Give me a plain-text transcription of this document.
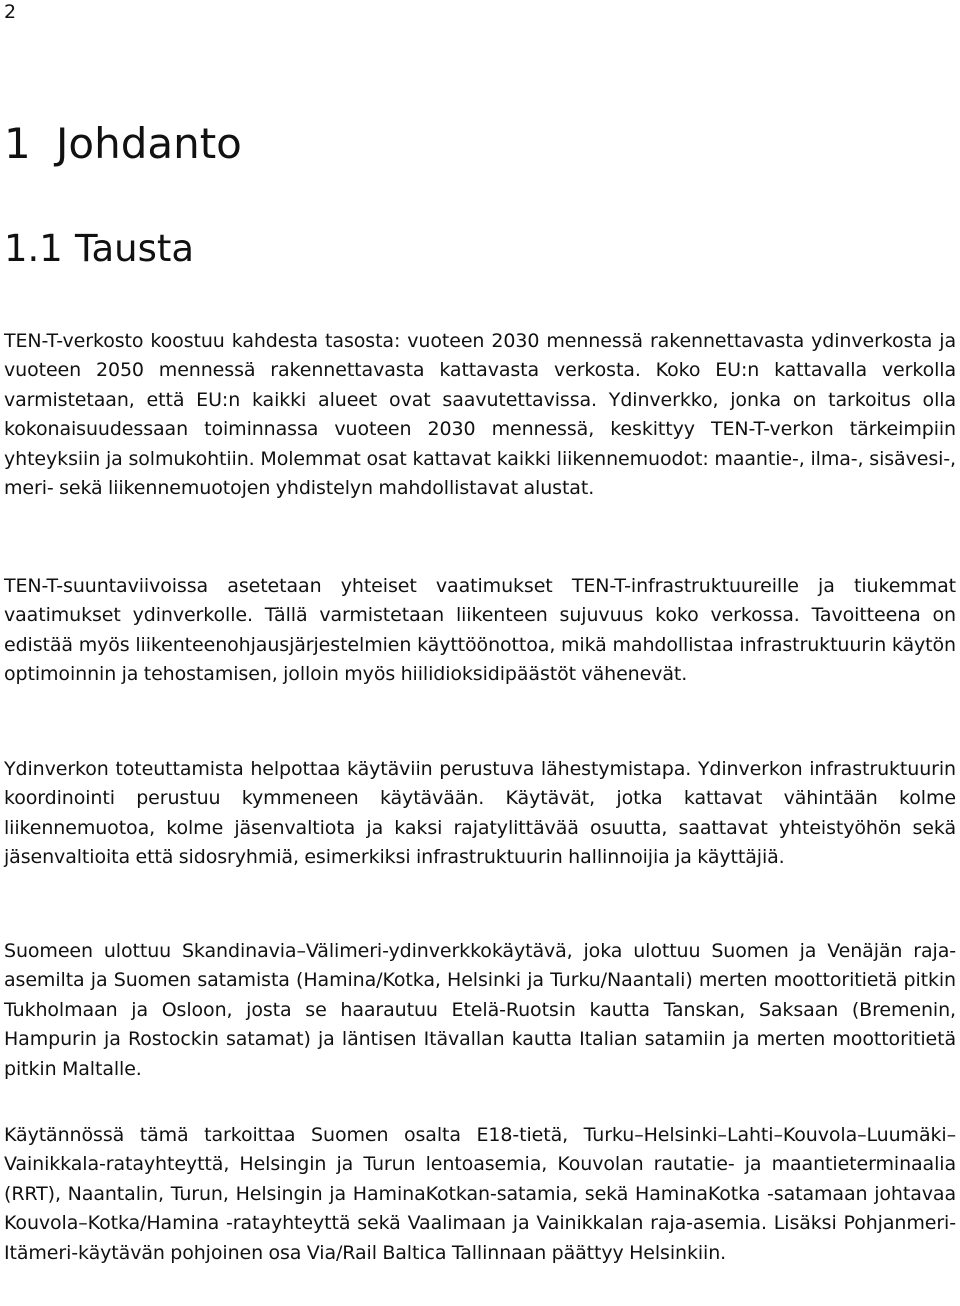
2
1 Johdanto
1.1 Tausta

TEN-T-verkosto koostuu kahdesta tasosta: vuoteen 2030 mennessä rakennettavasta ydinverkosta ja vuoteen 2050 mennessä rakennettavasta kattavasta verkosta. Koko EU:n kattavalla verkolla varmistetaan, että EU:n kaikki alueet ovat saavutettavissa. Ydinverkko, jonka on tarkoitus olla kokonaisuudessaan toiminnassa vuoteen 2030 mennessä, keskittyy TEN-T-verkon tärkeimpiin yhteyksiin ja solmukohtiin. Molemmat osat kattavat kaikki liikennemuodot: maantie-, ilma-, sisävesi-, meri- sekä liikennemuotojen yhdistelyn mahdollistavat alustat.

TEN-T-suuntaviivoissa asetetaan yhteiset vaatimukset TEN-T-infrastruktuureille ja tiukemmat vaatimukset ydinverkolle. Tällä varmistetaan liikenteen sujuvuus koko verkossa. Tavoitteena on edistää myös liikenteenohjausjärjestelmien käyttöönottoa, mikä mahdollistaa infrastruktuurin käytön optimoinnin ja tehostamisen, jolloin myös hiilidioksidipäästöt vähenevät.

Ydinverkon toteuttamista helpottaa käytäviin perustuva lähestymistapa. Ydinverkon infrastruktuurin koordinointi perustuu kymmeneen käytävään. Käytävät, jotka kattavat vähintään kolme liikennemuotoa, kolme jäsenvaltiota ja kaksi rajatylittävää osuutta, saattavat yhteistyöhön sekä jäsenvaltioita että sidosryhmiä, esimerkiksi infrastruktuurin hallinnoijia ja käyttäjiä.

Suomeen ulottuu Skandinavia–Välimeri-ydinverkkokäytävä, joka ulottuu Suomen ja Venäjän raja-asemilta ja Suomen satamista (Hamina/Kotka, Helsinki ja Turku/Naantali) merten moottoritietä pitkin Tukholmaan ja Osloon, josta se haarautuu Etelä-Ruotsin kautta Tanskan, Saksaan (Bremenin, Hampurin ja Rostockin satamat) ja läntisen Itävallan kautta Italian satamiin ja merten moottoritietä pitkin Maltalle.

Käytännössä tämä tarkoittaa Suomen osalta E18-tietä, Turku–Helsinki–Lahti–Kouvola–Luumäki–Vainikkala-ratayhteyttä, Helsingin ja Turun lentoasemia, Kouvolan rautatie- ja maantieterminaalia (RRT), Naantalin, Turun, Helsingin ja HaminaKotkan-satamia, sekä HaminaKotka -satamaan johtavaa Kouvola–Kotka/Hamina -ratayhteyttä sekä Vaalimaan ja Vainikkalan raja-asemia. Lisäksi Pohjanmeri-Itämeri-käytävän pohjoinen osa Via/Rail Baltica Tallinnaan päättyy Helsinkiin.
